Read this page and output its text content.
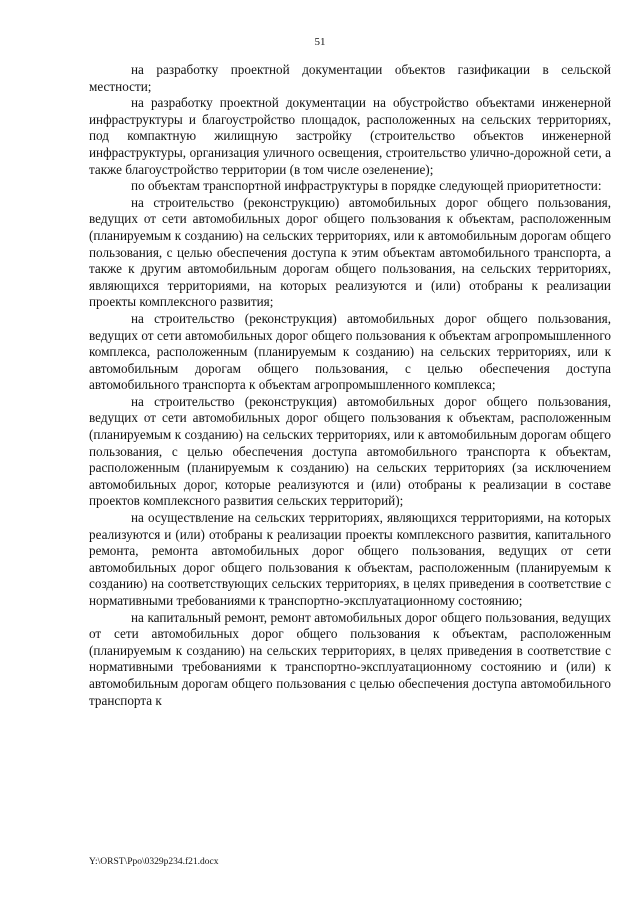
51

на разработку проектной документации объектов газификации в сельской местности;

на разработку проектной документации на обустройство объектами инженерной инфраструктуры и благоустройство площадок, расположенных на сельских территориях, под компактную жилищную застройку (строительство объектов инженерной инфраструктуры, организация уличного освещения, строительство улично-дорожной сети, а также благоустройство территории (в том числе озеленение);

по объектам транспортной инфраструктуры в порядке следующей приоритетности:

на строительство (реконструкцию) автомобильных дорог общего пользования, ведущих от сети автомобильных дорог общего пользования к объектам, расположенным (планируемым к созданию) на сельских территориях, или к автомобильным дорогам общего пользования, с целью обеспечения доступа к этим объектам автомобильного транспорта, а также к другим автомобильным дорогам общего пользования, на сельских территориях, являющихся территориями, на которых реализуются и (или) отобраны к реализации проекты комплексного развития;

на строительство (реконструкция) автомобильных дорог общего пользования, ведущих от сети автомобильных дорог общего пользования к объектам агропромышленного комплекса, расположенным (планируемым к созданию) на сельских территориях, или к автомобильным дорогам общего пользования, с целью обеспечения доступа автомобильного транспорта к объектам агропромышленного комплекса;

на строительство (реконструкция) автомобильных дорог общего пользования, ведущих от сети автомобильных дорог общего пользования к объектам, расположенным (планируемым к созданию) на сельских территориях, или к автомобильным дорогам общего пользования, с целью обеспечения доступа автомобильного транспорта к объектам, расположенным (планируемым к созданию) на сельских территориях (за исключением автомобильных дорог, которые реализуются и (или) отобраны к реализации в составе проектов комплексного развития сельских территорий);

на осуществление на сельских территориях, являющихся территориями, на которых реализуются и (или) отобраны к реализации проекты комплексного развития, капитального ремонта, ремонта автомобильных дорог общего пользования, ведущих от сети автомобильных дорог общего пользования к объектам, расположенным (планируемым к созданию) на соответствующих сельских территориях, в целях приведения в соответствие с нормативными требованиями к транспортно-эксплуатационному состоянию;

на капитальный ремонт, ремонт автомобильных дорог общего пользования, ведущих от сети автомобильных дорог общего пользования к объектам, расположенным (планируемым к созданию) на сельских территориях, в целях приведения в соответствие с нормативными требованиями к транспортно-эксплуатационному состоянию и (или) к автомобильным дорогам общего пользования с целью обеспечения доступа автомобильного транспорта к

Y:\ORST\Ppo\0329p234.f21.docx
